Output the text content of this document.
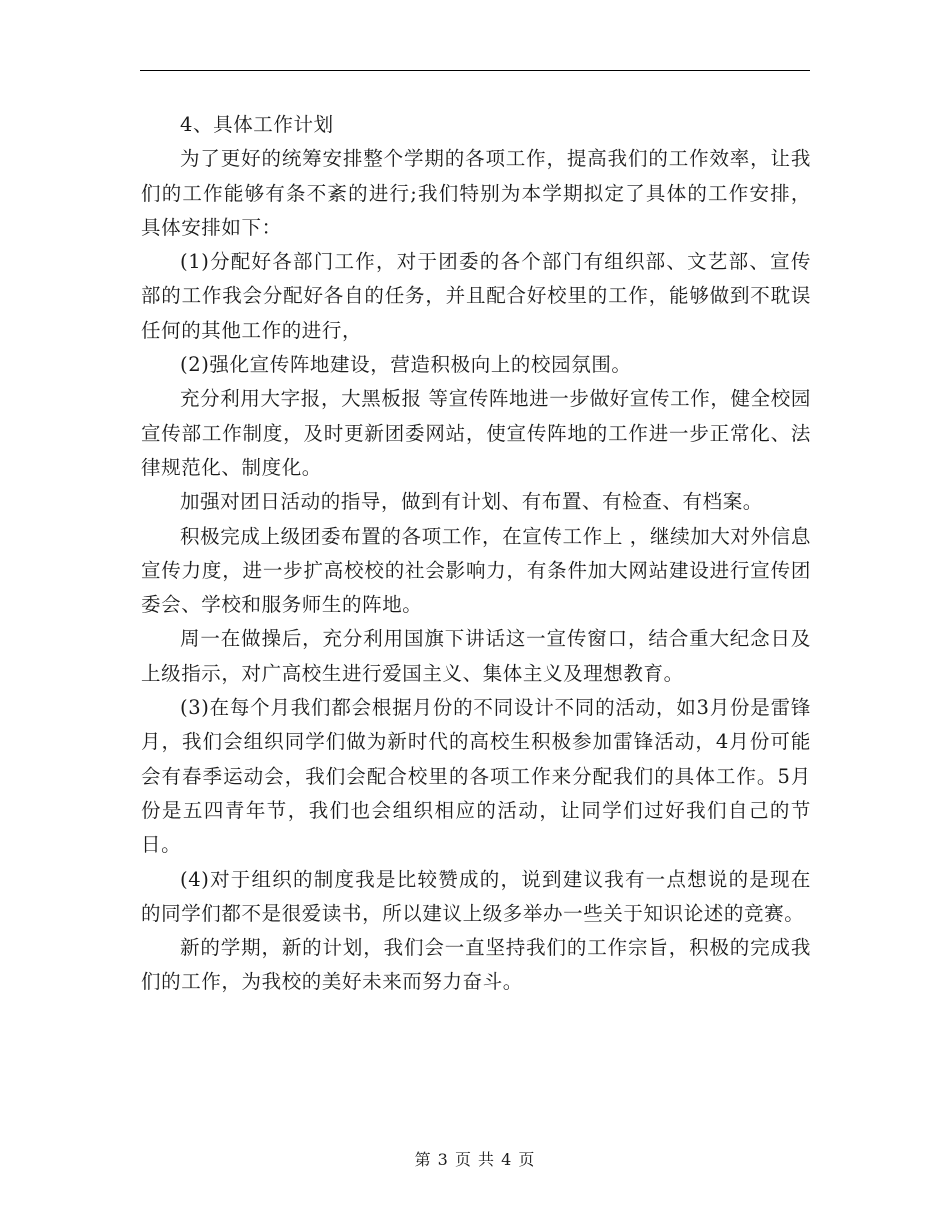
4、具体工作计划

为了更好的统筹安排整个学期的各项工作，提高我们的工作效率，让我们的工作能够有条不紊的进行;我们特别为本学期拟定了具体的工作安排，具体安排如下：

(1)分配好各部门工作，对于团委的各个部门有组织部、文艺部、宣传部的工作我会分配好各自的任务，并且配合好校里的工作，能够做到不耽误任何的其他工作的进行，

(2)强化宣传阵地建设，营造积极向上的校园氛围。

充分利用大字报，大黑板报 等宣传阵地进一步做好宣传工作，健全校园宣传部工作制度，及时更新团委网站，使宣传阵地的工作进一步正常化、法律规范化、制度化。

加强对团日活动的指导，做到有计划、有布置、有检查、有档案。

积极完成上级团委布置的各项工作，在宣传工作上 ，继续加大对外信息宣传力度，进一步扩高校校的社会影响力，有条件加大网站建设进行宣传团委会、学校和服务师生的阵地。

周一在做操后，充分利用国旗下讲话这一宣传窗口，结合重大纪念日及上级指示，对广高校生进行爱国主义、集体主义及理想教育。

(3)在每个月我们都会根据月份的不同设计不同的活动，如3月份是雷锋月，我们会组织同学们做为新时代的高校生积极参加雷锋活动，4月份可能会有春季运动会，我们会配合校里的各项工作来分配我们的具体工作。5月份是五四青年节，我们也会组织相应的活动，让同学们过好我们自己的节日。

(4)对于组织的制度我是比较赞成的，说到建议我有一点想说的是现在的同学们都不是很爱读书，所以建议上级多举办一些关于知识论述的竞赛。

新的学期，新的计划，我们会一直坚持我们的工作宗旨，积极的完成我们的工作，为我校的美好未来而努力奋斗。

第 3 页 共 4 页
